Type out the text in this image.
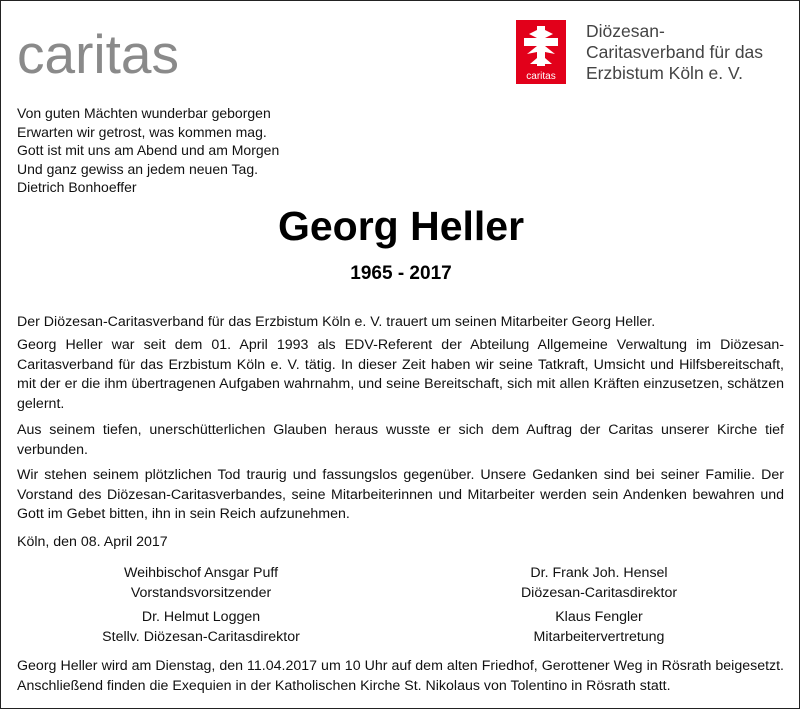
caritas	caritas
Diözesan-
Caritasverband für das
Erzbistum Köln e. V.
Von guten Mächten wunderbar geborgen
Erwarten wir getrost, was kommen mag.
Gott ist mit uns am Abend und am Morgen
Und ganz gewiss an jedem neuen Tag.
Dietrich Bonhoeffer
Georg Heller
1965 - 2017

Der Diözesan-Caritasverband für das Erzbistum Köln e. V. trauert um seinen Mitarbeiter Georg Heller.

Georg Heller war seit dem 01. April 1993 als EDV-Referent der Abteilung Allgemeine Verwaltung im Diözesan-Caritasverband für das Erzbistum Köln e. V. tätig. In dieser Zeit haben wir seine Tatkraft, Umsicht und Hilfsbereitschaft, mit der er die ihm übertragenen Aufgaben wahrnahm, und seine Bereitschaft, sich mit allen Kräften einzusetzen, schätzen gelernt.

Aus seinem tiefen, unerschütterlichen Glauben heraus wusste er sich dem Auftrag der Caritas unserer Kirche tief verbunden.

Wir stehen seinem plötzlichen Tod traurig und fassungslos gegenüber. Unsere Gedanken sind bei seiner Familie. Der Vorstand des Diözesan-Caritasverbandes, seine Mitarbeiterinnen und Mitarbeiter werden sein Andenken bewahren und Gott im Gebet bitten, ihn in sein Reich aufzunehmen.

Köln, den 08. April 2017
Weihbischof Ansgar Puff
Vorstandsvorsitzender
Dr. Frank Joh. Hensel
Diözesan-Caritasdirektor
Dr. Helmut Loggen
Stellv. Diözesan-Caritasdirektor
Klaus Fengler
Mitarbeitervertretung

Georg Heller wird am Dienstag, den 11.04.2017 um 10 Uhr auf dem alten Friedhof, Gerottener Weg in Rösrath beigesetzt. Anschließend finden die Exequien in der Katholischen Kirche St. Nikolaus von Tolentino in Rösrath statt.
